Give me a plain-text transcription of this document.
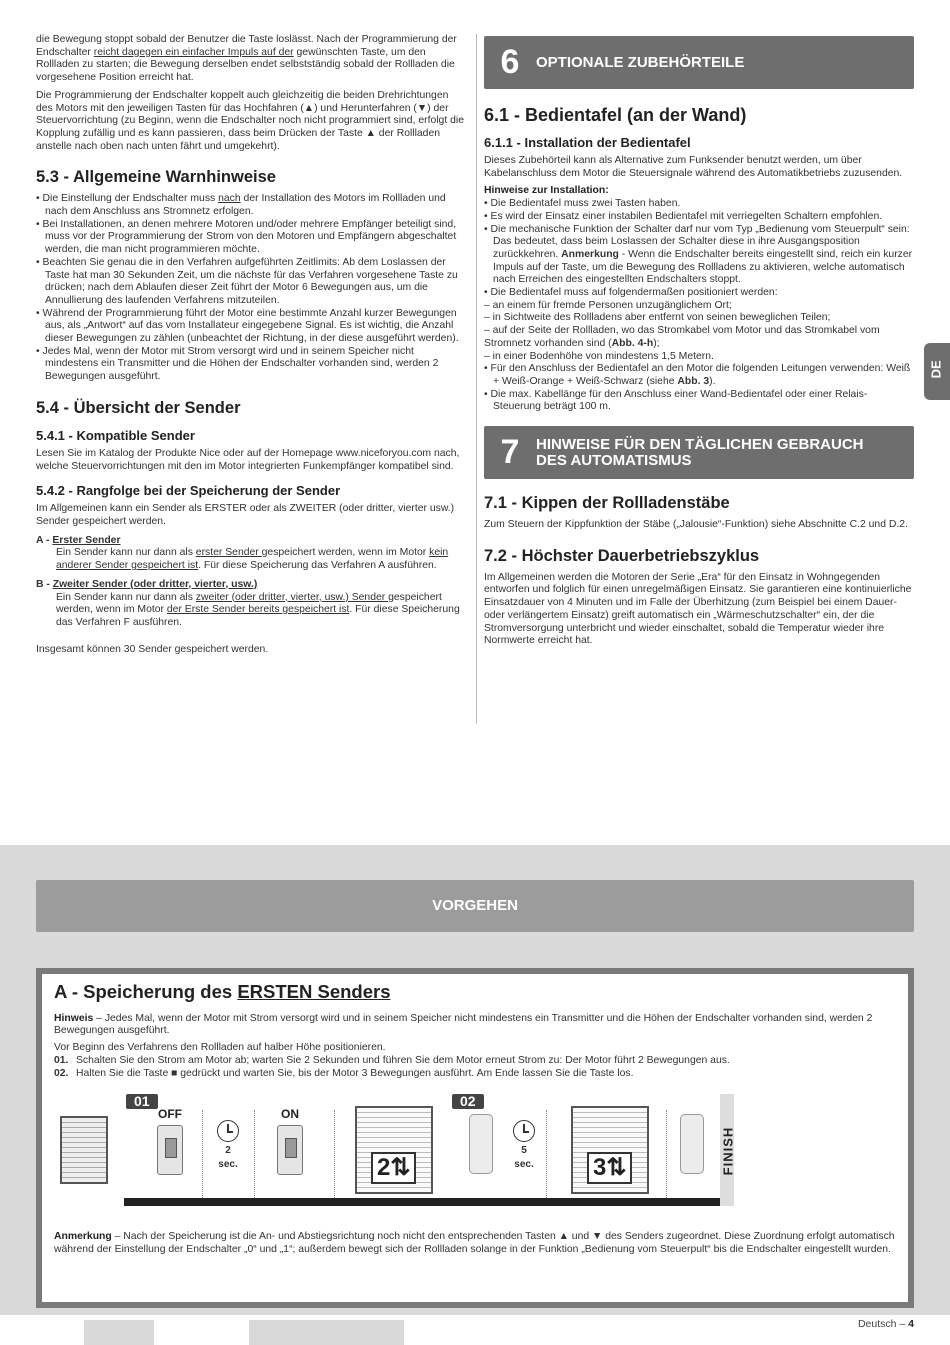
die Bewegung stoppt sobald der Benutzer die Taste loslässt. Nach der Programmierung der Endschalter reicht dagegen ein einfacher Impuls auf der gewünschten Taste, um den Rollladen zu starten; die Bewegung derselben endet selbstständig sobald der Rollladen die vorgesehene Position erreicht hat.

Die Programmierung der Endschalter koppelt auch gleichzeitig die beiden Drehrichtungen des Motors mit den jeweiligen Tasten für das Hochfahren (▲) und Herunterfahren (▼) der Steuervorrichtung (zu Beginn, wenn die Endschalter noch nicht programmiert sind, erfolgt die Kopplung zufällig und es kann passieren, dass beim Drücken der Taste ▲ der Rollladen anstelle nach oben nach unten fährt und umgekehrt).

5.3 - Allgemeine Warnhinweise

• Die Einstellung der Endschalter muss nach der Installation des Motors im Rollladen und nach dem Anschluss ans Stromnetz erfolgen.

• Bei Installationen, an denen mehrere Motoren und/oder mehrere Empfänger beteiligt sind, muss vor der Programmierung der Strom von den Motoren und Empfängern abgeschaltet werden, die man nicht programmieren möchte.

• Beachten Sie genau die in den Verfahren aufgeführten Zeitlimits: Ab dem Loslassen der Taste hat man 30 Sekunden Zeit, um die nächste für das Verfahren vorgesehene Taste zu drücken; nach dem Ablaufen dieser Zeit führt der Motor 6 Bewegungen aus, um die Annullierung des laufenden Verfahrens mitzuteilen.

• Während der Programmierung führt der Motor eine bestimmte Anzahl kurzer Bewegungen aus, als „Antwort“ auf das vom Installateur eingegebene Signal. Es ist wichtig, die Anzahl dieser Bewegungen zu zählen (unbeachtet der Richtung, in der diese ausgeführt werden).

• Jedes Mal, wenn der Motor mit Strom versorgt wird und in seinem Speicher nicht mindestens ein Transmitter und die Höhen der Endschalter vorhanden sind, werden 2 Bewegungen ausgeführt.

5.4 - Übersicht der Sender
5.4.1 - Kompatible Sender

Lesen Sie im Katalog der Produkte Nice oder auf der Homepage www.niceforyou.com nach, welche Steuervorrichtungen mit den im Motor integrierten Funkempfänger kompatibel sind.

5.4.2 - Rangfolge bei der Speicherung der Sender

Im Allgemeinen kann ein Sender als ERSTER oder als ZWEITER (oder dritter, vierter usw.) Sender gespeichert werden.

A - Erster Sender
Ein Sender kann nur dann als erster Sender gespeichert werden, wenn im Motor kein anderer Sender gespeichert ist. Für diese Speicherung das Verfahren A ausführen.
B - Zweiter Sender (oder dritter, vierter, usw.)
Ein Sender kann nur dann als zweiter (oder dritter, vierter, usw.) Sender gespeichert werden, wenn im Motor der Erste Sender bereits gespeichert ist. Für diese Speicherung das Verfahren F ausführen.

Insgesamt können 30 Sender gespeichert werden.

6	OPTIONALE ZUBEHÖRTEILE
6.1 - Bedientafel (an der Wand)
6.1.1 - Installation der Bedientafel

Dieses Zubehörteil kann als Alternative zum Funksender benutzt werden, um über Kabelanschluss dem Motor die Steuersignale während des Automatikbetriebs zuzusenden.

Hinweise zur Installation:

• Die Bedientafel muss zwei Tasten haben.

• Es wird der Einsatz einer instabilen Bedientafel mit verriegelten Schaltern empfohlen.

• Die mechanische Funktion der Schalter darf nur vom Typ „Bedienung vom Steuerpult“ sein: Das bedeutet, dass beim Loslassen der Schalter diese in ihre Ausgangsposition zurückkehren. Anmerkung - Wenn die Endschalter bereits eingestellt sind, reich ein kurzer Impuls auf der Taste, um die Bewegung des Rollladens zu aktivieren, welche automatisch nach Erreichen des eingestellten Endschalters stoppt.

• Die Bedientafel muss auf folgendermaßen positioniert werden:

– an einem für fremde Personen unzugänglichem Ort;
– in Sichtweite des Rollladens aber entfernt von seinen beweglichen Teilen;
– auf der Seite der Rollladen, wo das Stromkabel vom Motor und das Stromkabel vom Stromnetz vorhanden sind (Abb. 4-h);
– in einer Bodenhöhe von mindestens 1,5 Metern.

• Für den Anschluss der Bedientafel an den Motor die folgenden Leitungen verwenden: Weiß + Weiß-Orange + Weiß-Schwarz (siehe Abb. 3).

• Die max. Kabellänge für den Anschluss einer Wand-Bedientafel oder einer Relais-Steuerung beträgt 100 m.

7	HINWEISE FÜR DEN TÄGLICHEN GEBRAUCH
DES AUTOMATISMUS
7.1 - Kippen der Rollladenstäbe

Zum Steuern der Kippfunktion der Stäbe („Jalousie“-Funktion) siehe Abschnitte C.2 und D.2.

7.2 - Höchster Dauerbetriebszyklus

Im Allgemeinen werden die Motoren der Serie „Era“ für den Einsatz in Wohngegenden entworfen und folglich für einen unregelmäßigen Einsatz. Sie garantieren eine kontinuierliche Einsatzdauer von 4 Minuten und im Falle der Überhitzung (zum Beispiel bei einem Dauer- oder verlängertem Einsatz) greift automatisch ein „Wärmeschutzschalter“ ein, der die Stromversorgung unterbricht und wieder einschaltet, sobald die Temperatur wieder ihre Normwerte erreicht hat.

DE
VORGEHEN
A - Speicherung des ERSTEN Senders

Hinweis – Jedes Mal, wenn der Motor mit Strom versorgt wird und in seinem Speicher nicht mindestens ein Transmitter und die Höhen der Endschalter vorhanden sind, werden 2 Bewegungen ausgeführt.

Vor Beginn des Verfahrens den Rollladen auf halber Höhe positionieren.

01. Schalten Sie den Strom am Motor ab; warten Sie 2 Sekunden und führen Sie dem Motor erneut Strom zu: Der Motor führt 2 Bewegungen aus.
02. Halten Sie die Taste ■ gedrückt und warten Sie, bis der Motor 3 Bewegungen ausführt. Am Ende lassen Sie die Taste los.
01
OFF
2
sec.
ON
2⇅
02
5
sec. 3⇅	FINISH

Anmerkung – Nach der Speicherung ist die An- und Abstiegsrichtung noch nicht den entsprechenden Tasten ▲ und ▼ des Senders zugeordnet. Diese Zuordnung erfolgt automatisch während der Einstellung der Endschalter „0“ und „1“; außerdem bewegt sich der Rollladen solange in der Funktion „Bedienung vom Steuerpult“ bis die Endschalter eingestellt wurden.

Deutsch – 4
